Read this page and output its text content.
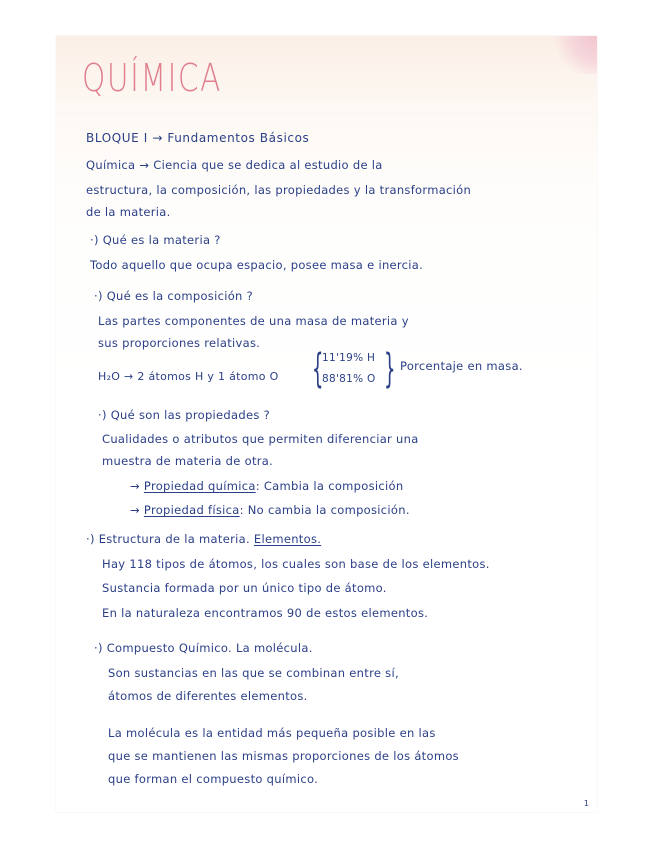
QUÍMICA
BLOQUE I → Fundamentos Básicos
Química → Ciencia que se dedica al estudio de la
estructura, la composición, las propiedades y la transformación
de la materia.
·) Qué es la materia ?
Todo aquello que ocupa espacio, posee masa e inercia.
·) Qué es la composición ?
Las partes componentes de una masa de materia y
sus proporciones relativas.
H₂O → 2 átomos H y 1 átomo O {
11'19% H
88'81% O } Porcentaje en masa.
·) Qué son las propiedades ?
Cualidades o atributos que permiten diferenciar una
muestra de materia de otra.
→ Propiedad química: Cambia la composición
→ Propiedad física: No cambia la composición.
·) Estructura de la materia. Elementos.
Hay 118 tipos de átomos, los cuales son base de los elementos.
Sustancia formada por un único tipo de átomo.
En la naturaleza encontramos 90 de estos elementos.
·) Compuesto Químico. La molécula.
Son sustancias en las que se combinan entre sí,
átomos de diferentes elementos.
La molécula es la entidad más pequeña posible en las
que se mantienen las mismas proporciones de los átomos
que forman el compuesto químico.
1
